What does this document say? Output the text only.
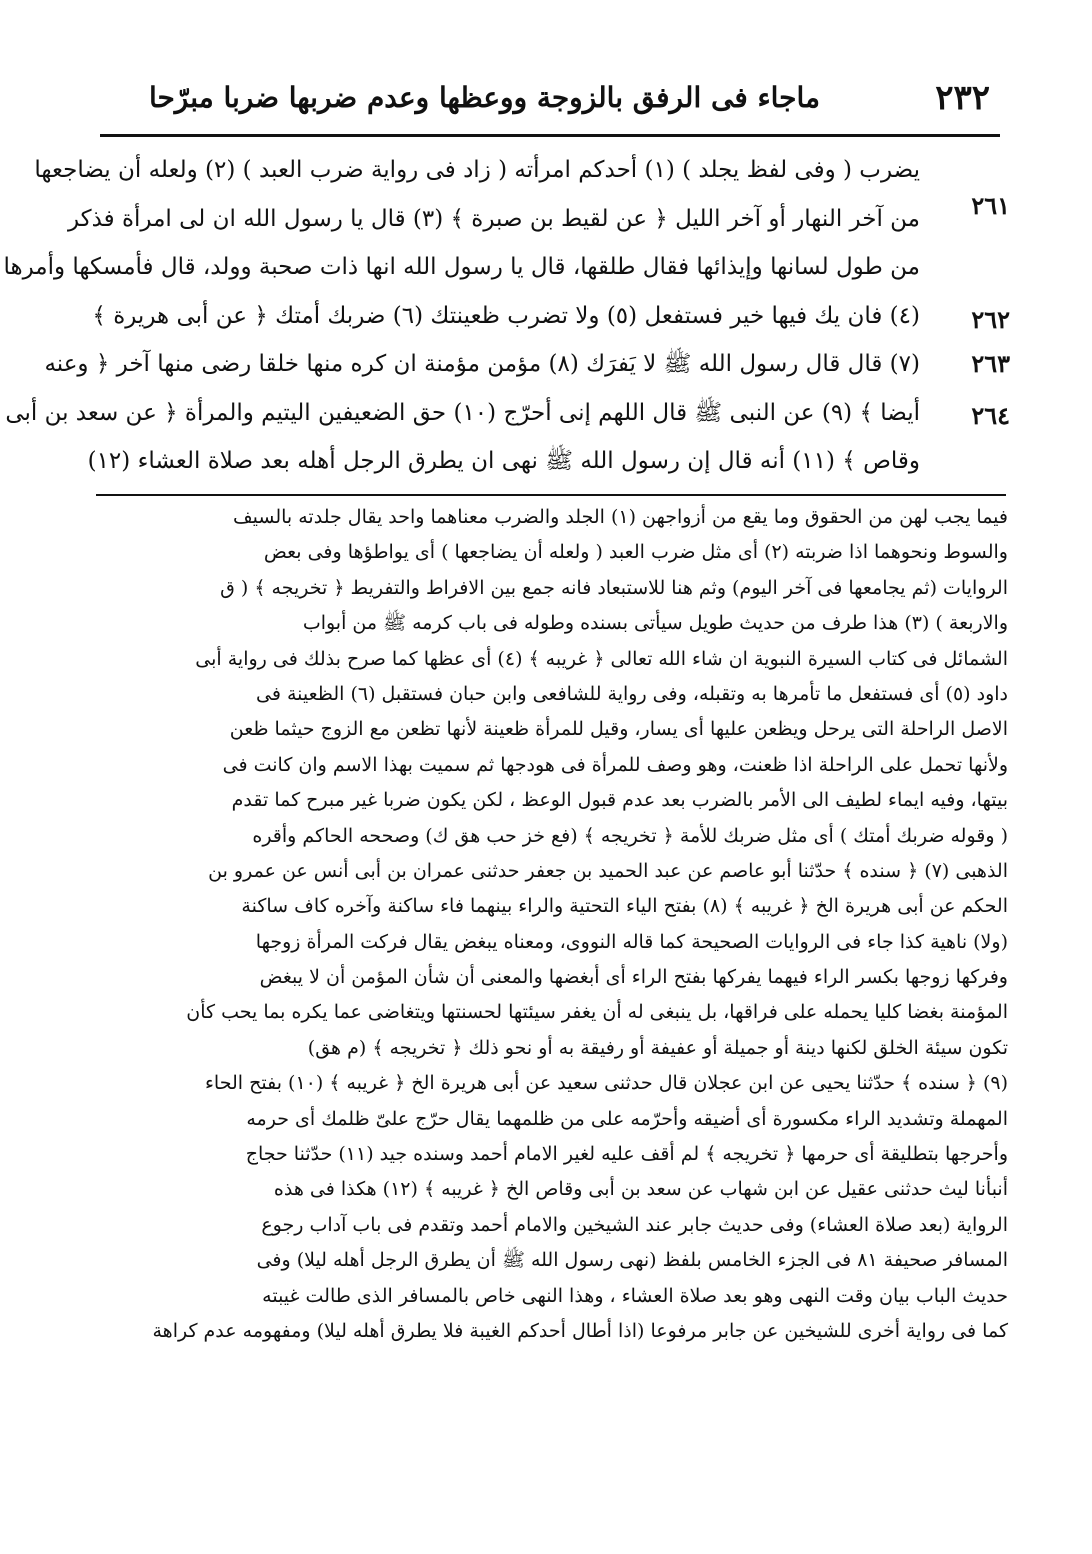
٢٣٢
ماجاء فى الرفق بالزوجة ووعظها وعدم ضربها ضربا مبرّحا
يضرب ( وفى لفظ يجلد ) (١) أحدكم امرأته ( زاد فى رواية ضرب العبد ) (٢) ولعله أن يضاجعها
من آخر النهار أو آخر الليل ﴿ عن لقيط بن صبرة ﴾ (٣) قال يا رسول الله ان لى امرأة فذكر
من طول لسانها وإيذائها فقال طلقها، قال يا رسول الله انها ذات صحبة وولد، قال فأمسكها وأمرها
(٤) فان يك فيها خير فستفعل (٥) ولا تضرب ظعينتك (٦) ضربك أمتك ﴿ عن أبى هريرة ﴾
(٧) قال قال رسول الله ﷺ لا يَفرَك (٨) مؤمن مؤمنة ان كره منها خلقا رضى منها آخر ﴿ وعنه
أيضا ﴾ (٩) عن النبى ﷺ قال اللهم إنى أحرّج (١٠) حق الضعيفين اليتيم والمرأة ﴿ عن سعد بن أبى
وقاص ﴾ (١١) أنه قال إن رسول الله ﷺ نهى ان يطرق الرجل أهله بعد صلاة العشاء (١٢)
٢٦١
٢٦٢
٢٦٣
٢٦٤
فيما يجب لهن من الحقوق وما يقع من أزواجهن (١) الجلد والضرب معناهما واحد يقال جلدته بالسيف
والسوط ونحوهما اذا ضربته (٢) أى مثل ضرب العبد ( ولعله أن يضاجعها ) أى يواطؤها وفى بعض
الروايات (ثم يجامعها فى آخر اليوم) وثم هنا للاستبعاد فانه جمع بين الافراط والتفريط ﴿ تخريجه ﴾ ( ق
والاربعة ) (٣) هذا طرف من حديث طويل سيأتى بسنده وطوله فى باب كرمه ﷺ من أبواب
الشمائل فى كتاب السيرة النبوية ان شاء الله تعالى ﴿ غريبه ﴾ (٤) أى عظها كما صرح بذلك فى رواية أبى
داود (٥) أى فستفعل ما تأمرها به وتقبله، وفى رواية للشافعى وابن حبان فستقبل (٦) الظعينة فى
الاصل الراحلة التى يرحل ويظعن عليها أى يسار، وقيل للمرأة ظعينة لأنها تظعن مع الزوج حيثما ظعن
ولأنها تحمل على الراحلة اذا ظعنت، وهو وصف للمرأة فى هودجها ثم سميت بهذا الاسم وان كانت فى
بيتها، وفيه ايماء لطيف الى الأمر بالضرب بعد عدم قبول الوعظ ، لكن يكون ضربا غير مبرح كما تقدم
( وقوله ضربك أمتك ) أى مثل ضربك للأمة ﴿ تخريجه ﴾ (فع خز حب هق ك) وصححه الحاكم وأقره
الذهبى (٧) ﴿ سنده ﴾ حدّثنا أبو عاصم عن عبد الحميد بن جعفر حدثنى عمران بن أبى أنس عن عمرو بن
الحكم عن أبى هريرة الخ ﴿ غريبه ﴾ (٨) بفتح الياء التحتية والراء بينهما فاء ساكنة وآخره كاف ساكنة
(ولا) ناهية كذا جاء فى الروايات الصحيحة كما قاله النووى، ومعناه يبغض يقال فركت المرأة زوجها
وفركها زوجها بكسر الراء فيهما يفركها بفتح الراء أى أبغضها والمعنى أن شأن المؤمن أن لا يبغض
المؤمنة بغضا كليا يحمله على فراقها، بل ينبغى له أن يغفر سيئتها لحسنتها ويتغاضى عما يكره بما يحب كأن
تكون سيئة الخلق لكنها دينة أو جميلة أو عفيفة أو رفيقة به أو نحو ذلك ﴿ تخريجه ﴾ (م هق)
(٩) ﴿ سنده ﴾ حدّثنا يحيى عن ابن عجلان قال حدثنى سعيد عن أبى هريرة الخ ﴿ غريبه ﴾ (١٠) بفتح الحاء
المهملة وتشديد الراء مكسورة أى أضيقه وأحرّمه على من ظلمهما يقال حرّج علىّ ظلمك أى حرمه
وأحرجها بتطليقة أى حرمها ﴿ تخريجه ﴾ لم أقف عليه لغير الامام أحمد وسنده جيد (١١) حدّثنا حجاج
أنبأنا ليث حدثنى عقيل عن ابن شهاب عن سعد بن أبى وقاص الخ ﴿ غريبه ﴾ (١٢) هكذا فى هذه
الرواية (بعد صلاة العشاء) وفى حديث جابر عند الشيخين والامام أحمد وتقدم فى باب آداب رجوع
المسافر صحيفة ٨١ فى الجزء الخامس بلفظ (نهى رسول الله ﷺ أن يطرق الرجل أهله ليلا) وفى
حديث الباب بيان وقت النهى وهو بعد صلاة العشاء ، وهذا النهى خاص بالمسافر الذى طالت غيبته
كما فى رواية أخرى للشيخين عن جابر مرفوعا (اذا أطال أحدكم الغيبة فلا يطرق أهله ليلا) ومفهومه عدم كراهة
